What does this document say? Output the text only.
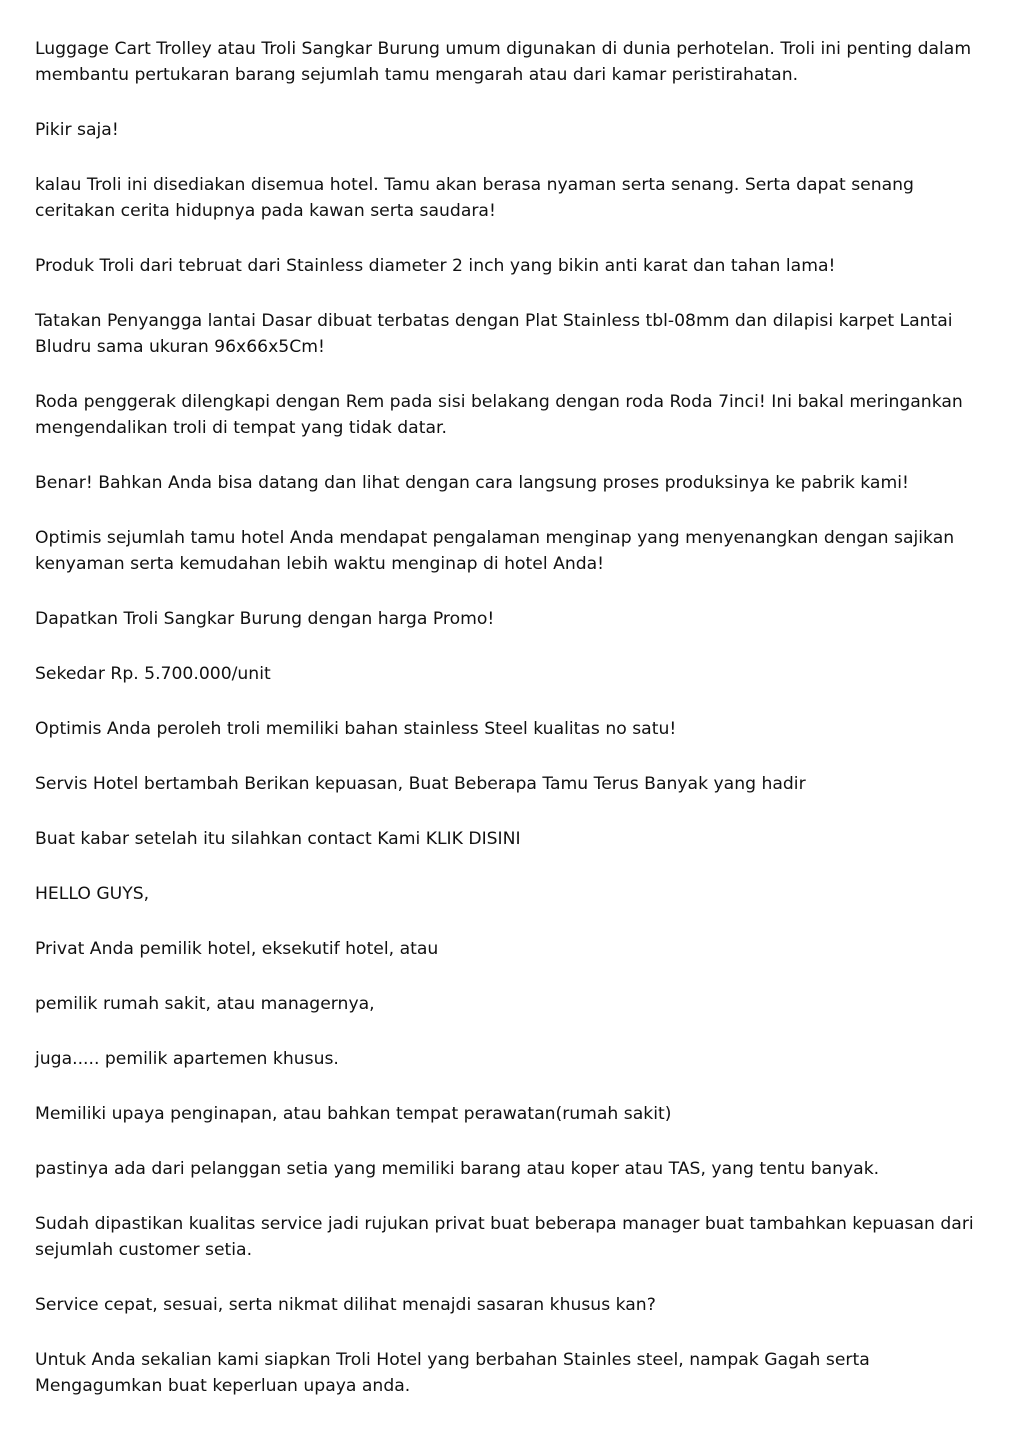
Luggage Cart Trolley atau Troli Sangkar Burung umum digunakan di dunia perhotelan. Troli ini penting dalam membantu pertukaran barang sejumlah tamu mengarah atau dari kamar peristirahatan.

Pikir saja!

kalau Troli ini disediakan disemua hotel. Tamu akan berasa nyaman serta senang. Serta dapat senang ceritakan cerita hidupnya pada kawan serta saudara!

Produk Troli dari tebruat dari Stainless diameter 2 inch yang bikin anti karat dan tahan lama!

Tatakan Penyangga lantai Dasar dibuat terbatas dengan Plat Stainless tbl-08mm dan dilapisi karpet Lantai Bludru sama ukuran 96x66x5Cm!

Roda penggerak dilengkapi dengan Rem pada sisi belakang dengan roda Roda 7inci! Ini bakal meringankan mengendalikan troli di tempat yang tidak datar.

Benar! Bahkan Anda bisa datang dan lihat dengan cara langsung proses produksinya ke pabrik kami!

Optimis sejumlah tamu hotel Anda mendapat pengalaman menginap yang menyenangkan dengan sajikan kenyaman serta kemudahan lebih waktu menginap di hotel Anda!

Dapatkan Troli Sangkar Burung dengan harga Promo!

Sekedar Rp. 5.700.000/unit

Optimis Anda peroleh troli memiliki bahan stainless Steel kualitas no satu!

Servis Hotel bertambah Berikan kepuasan, Buat Beberapa Tamu Terus Banyak yang hadir

Buat kabar setelah itu silahkan contact Kami KLIK DISINI

HELLO GUYS,

Privat Anda pemilik hotel, eksekutif hotel, atau

pemilik rumah sakit, atau managernya,

juga..... pemilik apartemen khusus.

Memiliki upaya penginapan, atau bahkan tempat perawatan(rumah sakit)

pastinya ada dari pelanggan setia yang memiliki barang atau koper atau TAS, yang tentu banyak.

Sudah dipastikan kualitas service jadi rujukan privat buat beberapa manager buat tambahkan kepuasan dari sejumlah customer setia.

Service cepat, sesuai, serta nikmat dilihat menajdi sasaran khusus kan?

Untuk Anda sekalian kami siapkan Troli Hotel yang berbahan Stainles steel, nampak Gagah serta Mengagumkan buat keperluan upaya anda.
